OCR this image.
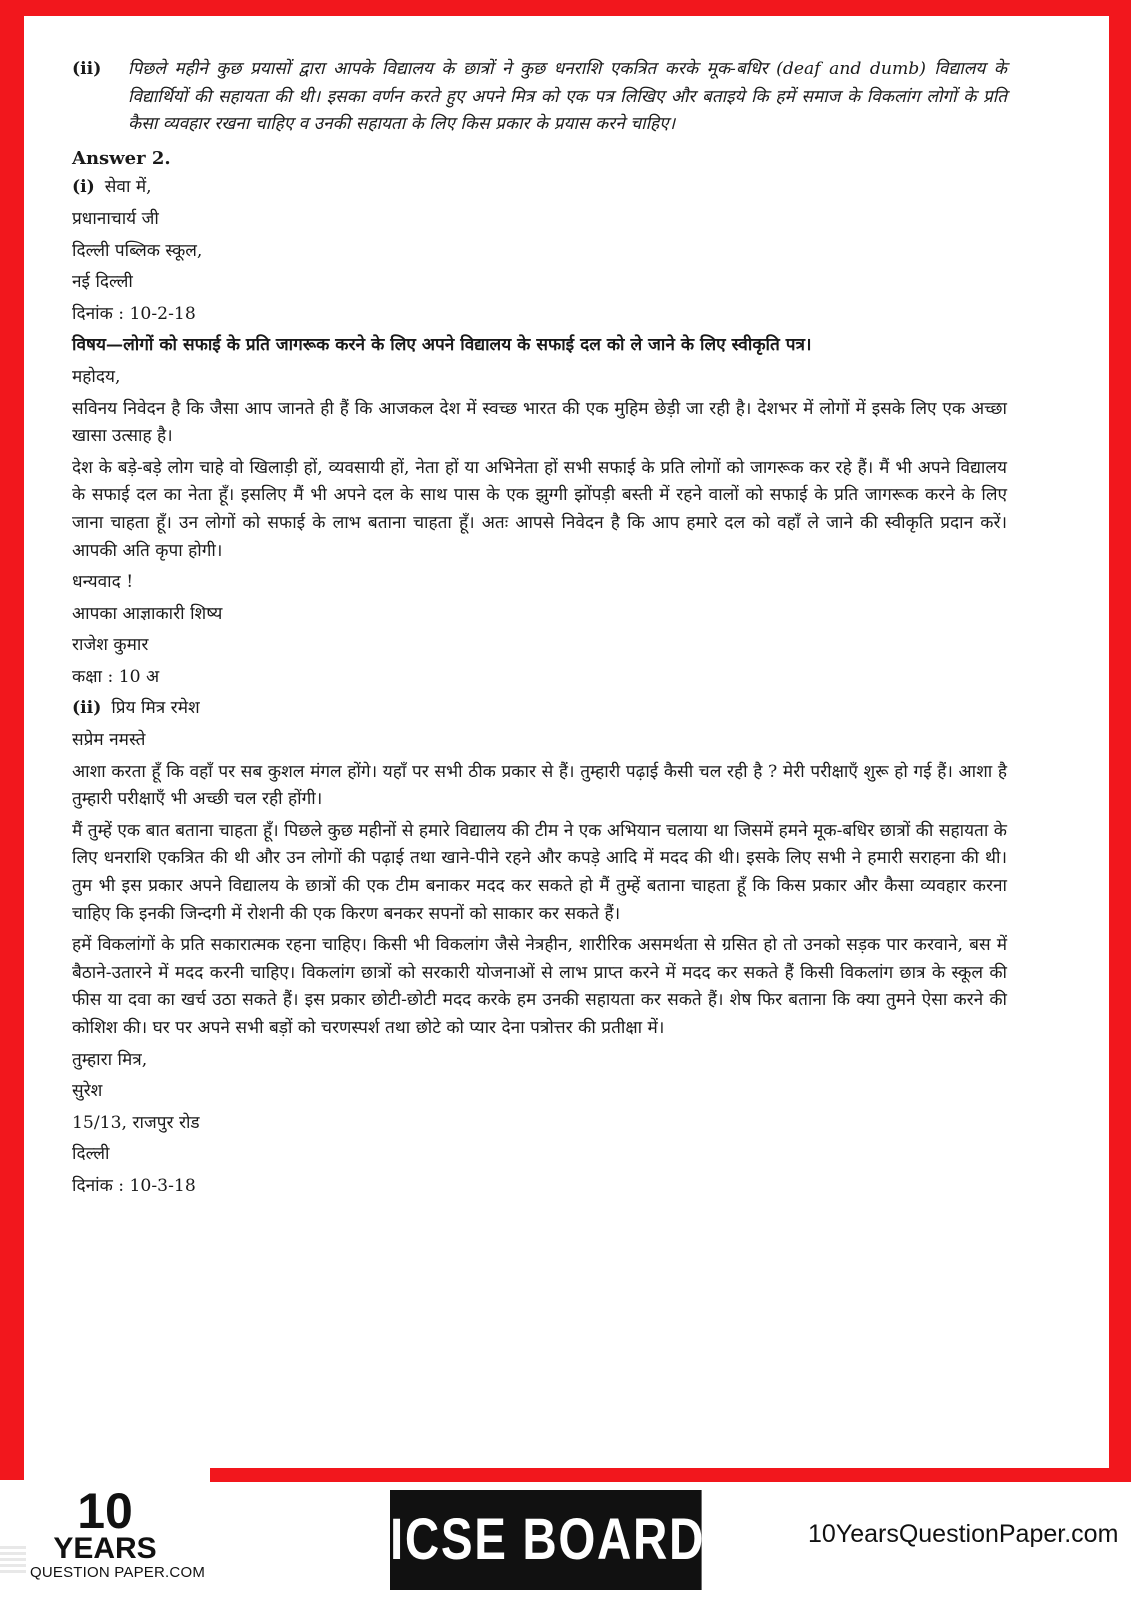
(ii)	पिछले महीने कुछ प्रयासों द्वारा आपके विद्यालय के छात्रों ने कुछ धनराशि एकत्रित करके मूक-बधिर (deaf and dumb) विद्यालय के विद्यार्थियों की सहायता की थी। इसका वर्णन करते हुए अपने मित्र को एक पत्र लिखिए और बताइये कि हमें समाज के विकलांग लोगों के प्रति कैसा व्यवहार रखना चाहिए व उनकी सहायता के लिए किस प्रकार के प्रयास करने चाहिए।
Answer 2.
(i) सेवा में,
प्रधानाचार्य जी
दिल्ली पब्लिक स्कूल,
नई दिल्ली
दिनांक : 10-2-18
विषय—लोगों को सफाई के प्रति जागरूक करने के लिए अपने विद्यालय के सफाई दल को ले जाने के लिए स्वीकृति पत्र।
महोदय,
सविनय निवेदन है कि जैसा आप जानते ही हैं कि आजकल देश में स्वच्छ भारत की एक मुहिम छेड़ी जा रही है। देशभर में लोगों में इसके लिए एक अच्छा खासा उत्साह है।
देश के बड़े-बड़े लोग चाहे वो खिलाड़ी हों, व्यवसायी हों, नेता हों या अभिनेता हों सभी सफाई के प्रति लोगों को जागरूक कर रहे हैं। मैं भी अपने विद्यालय के सफाई दल का नेता हूँ। इसलिए मैं भी अपने दल के साथ पास के एक झुग्गी झोंपड़ी बस्ती में रहने वालों को सफाई के प्रति जागरूक करने के लिए जाना चाहता हूँ। उन लोगों को सफाई के लाभ बताना चाहता हूँ। अतः आपसे निवेदन है कि आप हमारे दल को वहाँ ले जाने की स्वीकृति प्रदान करें। आपकी अति कृपा होगी।
धन्यवाद !
आपका आज्ञाकारी शिष्य
राजेश कुमार
कक्षा : 10 अ
(ii) प्रिय मित्र रमेश
सप्रेम नमस्ते
आशा करता हूँ कि वहाँ पर सब कुशल मंगल होंगे। यहाँ पर सभी ठीक प्रकार से हैं। तुम्हारी पढ़ाई कैसी चल रही है ? मेरी परीक्षाएँ शुरू हो गई हैं। आशा है तुम्हारी परीक्षाएँ भी अच्छी चल रही होंगी।
मैं तुम्हें एक बात बताना चाहता हूँ। पिछले कुछ महीनों से हमारे विद्यालय की टीम ने एक अभियान चलाया था जिसमें हमने मूक-बधिर छात्रों की सहायता के लिए धनराशि एकत्रित की थी और उन लोगों की पढ़ाई तथा खाने-पीने रहने और कपड़े आदि में मदद की थी। इसके लिए सभी ने हमारी सराहना की थी। तुम भी इस प्रकार अपने विद्यालय के छात्रों की एक टीम बनाकर मदद कर सकते हो मैं तुम्हें बताना चाहता हूँ कि किस प्रकार और कैसा व्यवहार करना चाहिए कि इनकी जिन्दगी में रोशनी की एक किरण बनकर सपनों को साकार कर सकते हैं।
हमें विकलांगों के प्रति सकारात्मक रहना चाहिए। किसी भी विकलांग जैसे नेत्रहीन, शारीरिक असमर्थता से ग्रसित हो तो उनको सड़क पार करवाने, बस में बैठाने-उतारने में मदद करनी चाहिए। विकलांग छात्रों को सरकारी योजनाओं से लाभ प्राप्त करने में मदद कर सकते हैं किसी विकलांग छात्र के स्कूल की फीस या दवा का खर्च उठा सकते हैं। इस प्रकार छोटी-छोटी मदद करके हम उनकी सहायता कर सकते हैं। शेष फिर बताना कि क्या तुमने ऐसा करने की कोशिश की। घर पर अपने सभी बड़ों को चरणस्पर्श तथा छोटे को प्यार देना पत्रोत्तर की प्रतीक्षा में।
तुम्हारा मित्र,
सुरेश
15/13, राजपुर रोड
दिल्ली
दिनांक : 10-3-18
10
YEARS
QUESTION PAPER.COM
ICSE BOARD X 10YearsQuestionPaper.com
